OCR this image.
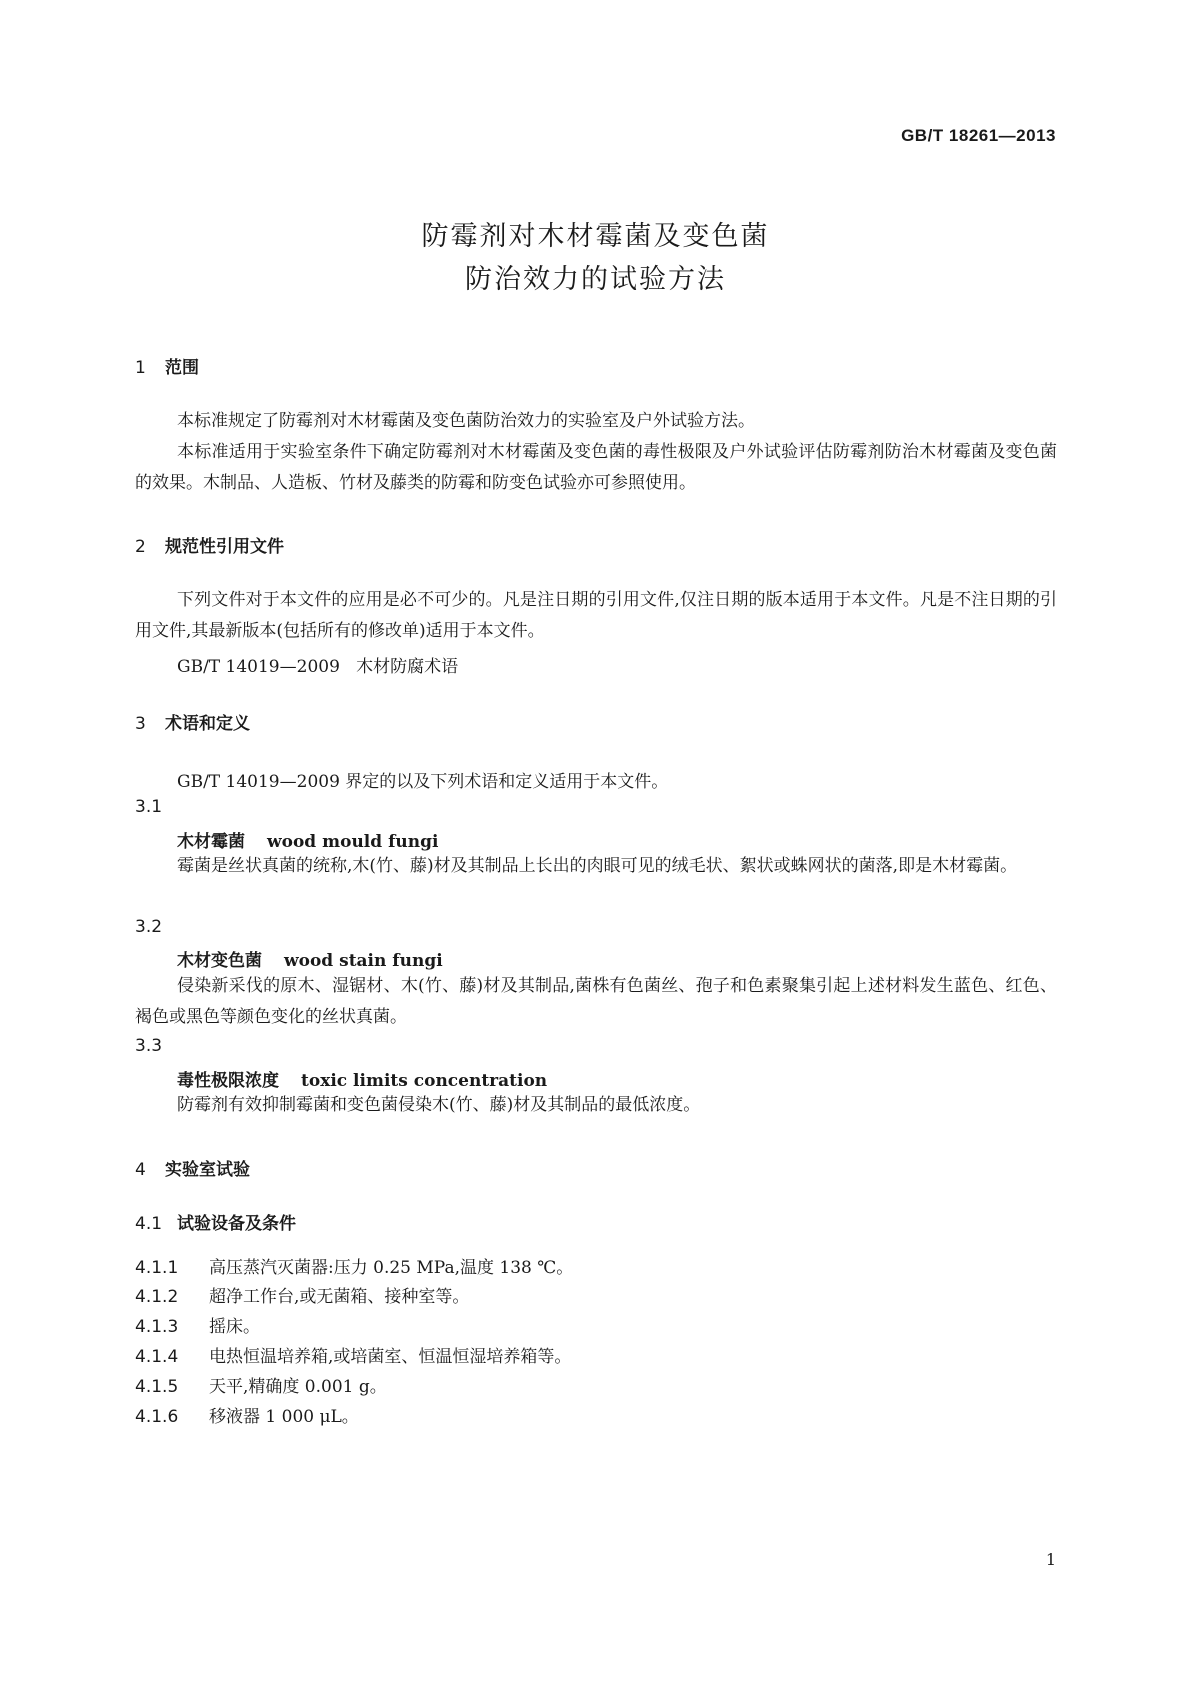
GB/T 18261—2013
防霉剂对木材霉菌及变色菌
防治效力的试验方法
1 范围
本标准规定了防霉剂对木材霉菌及变色菌防治效力的实验室及户外试验方法。
本标准适用于实验室条件下确定防霉剂对木材霉菌及变色菌的毒性极限及户外试验评估防霉剂防治木材霉菌及变色菌的效果。木制品、人造板、竹材及藤类的防霉和防变色试验亦可参照使用。
2 规范性引用文件
下列文件对于本文件的应用是必不可少的。凡是注日期的引用文件,仅注日期的版本适用于本文件。凡是不注日期的引用文件,其最新版本(包括所有的修改单)适用于本文件。
GB/T 14019—2009   木材防腐术语
3 术语和定义
GB/T 14019—2009 界定的以及下列术语和定义适用于本文件。
3.1
木材霉菌 wood mould fungi
霉菌是丝状真菌的统称,木(竹、藤)材及其制品上长出的肉眼可见的绒毛状、絮状或蛛网状的菌落,即是木材霉菌。
3.2
木材变色菌 wood stain fungi
侵染新采伐的原木、湿锯材、木(竹、藤)材及其制品,菌株有色菌丝、孢子和色素聚集引起上述材料发生蓝色、红色、褐色或黑色等颜色变化的丝状真菌。
3.3
毒性极限浓度 toxic limits concentration
防霉剂有效抑制霉菌和变色菌侵染木(竹、藤)材及其制品的最低浓度。
4 实验室试验
4.1 试验设备及条件
4.1.1 高压蒸汽灭菌器:压力 0.25 MPa,温度 138 ℃。
4.1.2 超净工作台,或无菌箱、接种室等。
4.1.3 摇床。
4.1.4 电热恒温培养箱,或培菌室、恒温恒湿培养箱等。
4.1.5 天平,精确度 0.001 g。
4.1.6 移液器 1 000 μL。
1
